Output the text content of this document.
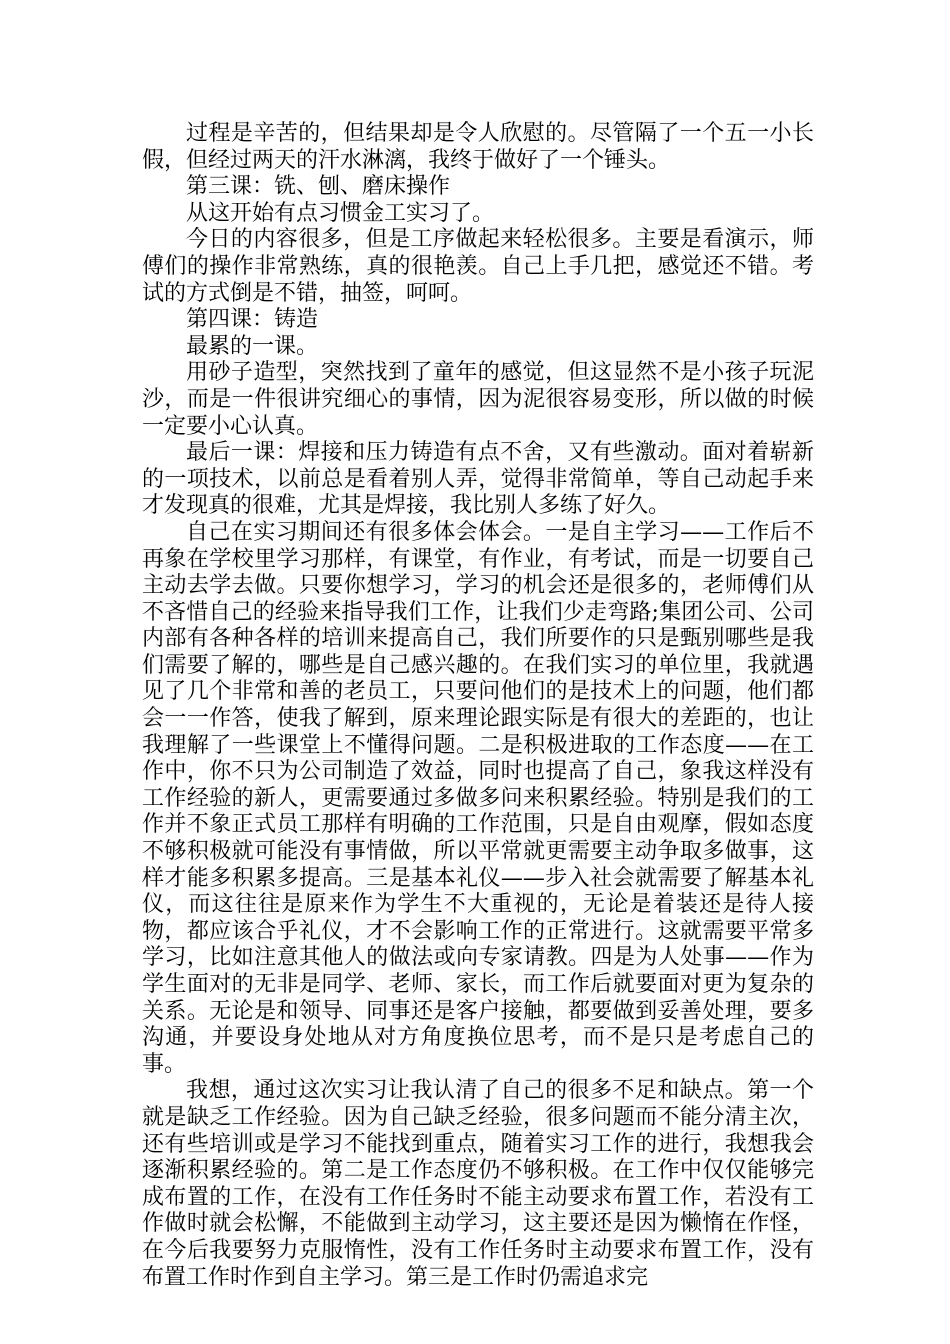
过程是辛苦的，但结果却是令人欣慰的。尽管隔了一个五一小长假，但经过两天的汗水淋漓，我终于做好了一个锤头。

第三课：铣、刨、磨床操作

从这开始有点习惯金工实习了。

今日的内容很多，但是工序做起来轻松很多。主要是看演示，师傅们的操作非常熟练，真的很艳羡。自己上手几把，感觉还不错。考试的方式倒是不错，抽签，呵呵。

第四课：铸造

最累的一课。

用砂子造型，突然找到了童年的感觉，但这显然不是小孩子玩泥沙，而是一件很讲究细心的事情，因为泥很容易变形，所以做的时候一定要小心认真。

最后一课：焊接和压力铸造有点不舍，又有些激动。面对着崭新的一项技术，以前总是看着别人弄，觉得非常简单，等自己动起手来才发现真的很难，尤其是焊接，我比别人多练了好久。

自己在实习期间还有很多体会体会。一是自主学习——工作后不再象在学校里学习那样，有课堂，有作业，有考试，而是一切要自己主动去学去做。只要你想学习，学习的机会还是很多的，老师傅们从不吝惜自己的经验来指导我们工作，让我们少走弯路;集团公司、公司内部有各种各样的培训来提高自己，我们所要作的只是甄别哪些是我们需要了解的，哪些是自己感兴趣的。在我们实习的单位里，我就遇见了几个非常和善的老员工，只要问他们的是技术上的问题，他们都会一一作答，使我了解到，原来理论跟实际是有很大的差距的，也让我理解了一些课堂上不懂得问题。二是积极进取的工作态度——在工作中，你不只为公司制造了效益，同时也提高了自己，象我这样没有工作经验的新人，更需要通过多做多问来积累经验。特别是我们的工作并不象正式员工那样有明确的工作范围，只是自由观摩，假如态度不够积极就可能没有事情做，所以平常就更需要主动争取多做事，这样才能多积累多提高。三是基本礼仪——步入社会就需要了解基本礼仪，而这往往是原来作为学生不大重视的，无论是着装还是待人接物，都应该合乎礼仪，才不会影响工作的正常进行。这就需要平常多学习，比如注意其他人的做法或向专家请教。四是为人处事——作为学生面对的无非是同学、老师、家长，而工作后就要面对更为复杂的关系。无论是和领导、同事还是客户接触，都要做到妥善处理，要多沟通，并要设身处地从对方角度换位思考，而不是只是考虑自己的事。

我想，通过这次实习让我认清了自己的很多不足和缺点。第一个就是缺乏工作经验。因为自己缺乏经验，很多问题而不能分清主次，还有些培训或是学习不能找到重点，随着实习工作的进行，我想我会逐渐积累经验的。第二是工作态度仍不够积极。在工作中仅仅能够完成布置的工作，在没有工作任务时不能主动要求布置工作，若没有工作做时就会松懈，不能做到主动学习，这主要还是因为懒惰在作怪，在今后我要努力克服惰性，没有工作任务时主动要求布置工作，没有布置工作时作到自主学习。第三是工作时仍需追求完
